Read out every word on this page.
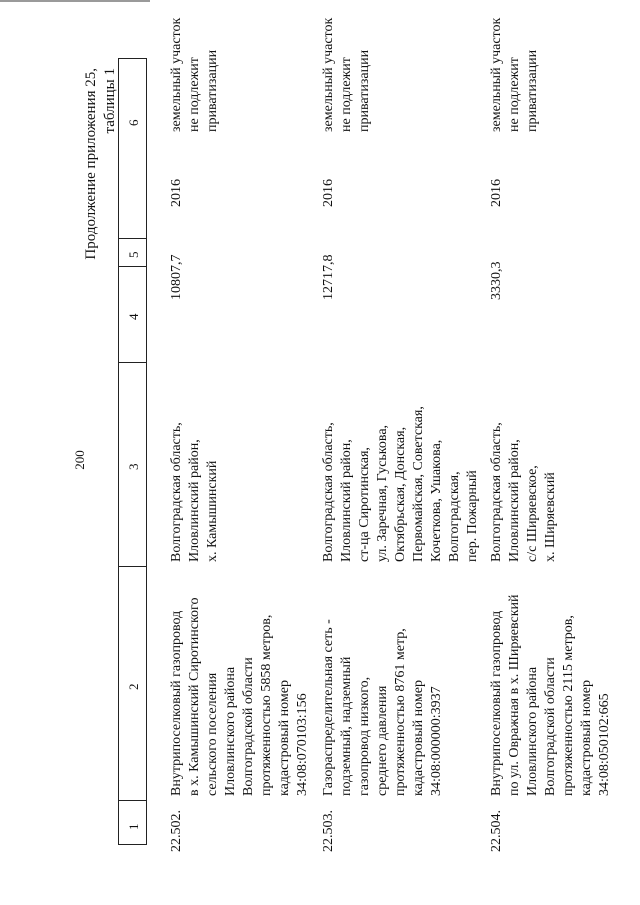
200
Продолжение приложения 25, таблицы 1
1
2
3
4
5
6
22.502.
Внутрипоселковый газопровод в х. Камышинский Сиротинского сельского поселения Иловлинского района Волгоградской области протяженностью 5858 метров, кадастровый номер 34:08:070103:156
Волгоградская область, Иловлинский район, х. Камышинский
10807,7
2016
земельный участок не подлежит приватизации
22.503.
Газораспределительная сеть - подземный, надземный газопровод низкого, среднего давления протяженностью 8761 метр, кадастровый номер 34:08:000000:3937
Волгоградская область, Иловлинский район, ст-ца Сиротинская, ул. Заречная, Гуськова, Октябрьская, Донская, Первомайская, Советская, Кочеткова, Ушакова, Волгоградская, пер. Пожарный
12717,8
2016
земельный участок не подлежит приватизации
22.504.
Внутрипоселковый газопровод по ул. Овражная в х. Ширяевский Иловлинского района Волгоградской области протяженностью 2115 метров, кадастровый номер 34:08:050102:665
Волгоградская область, Иловлинский район, с/с Ширяевское, х. Ширяевский
3330,3
2016
земельный участок не подлежит приватизации
